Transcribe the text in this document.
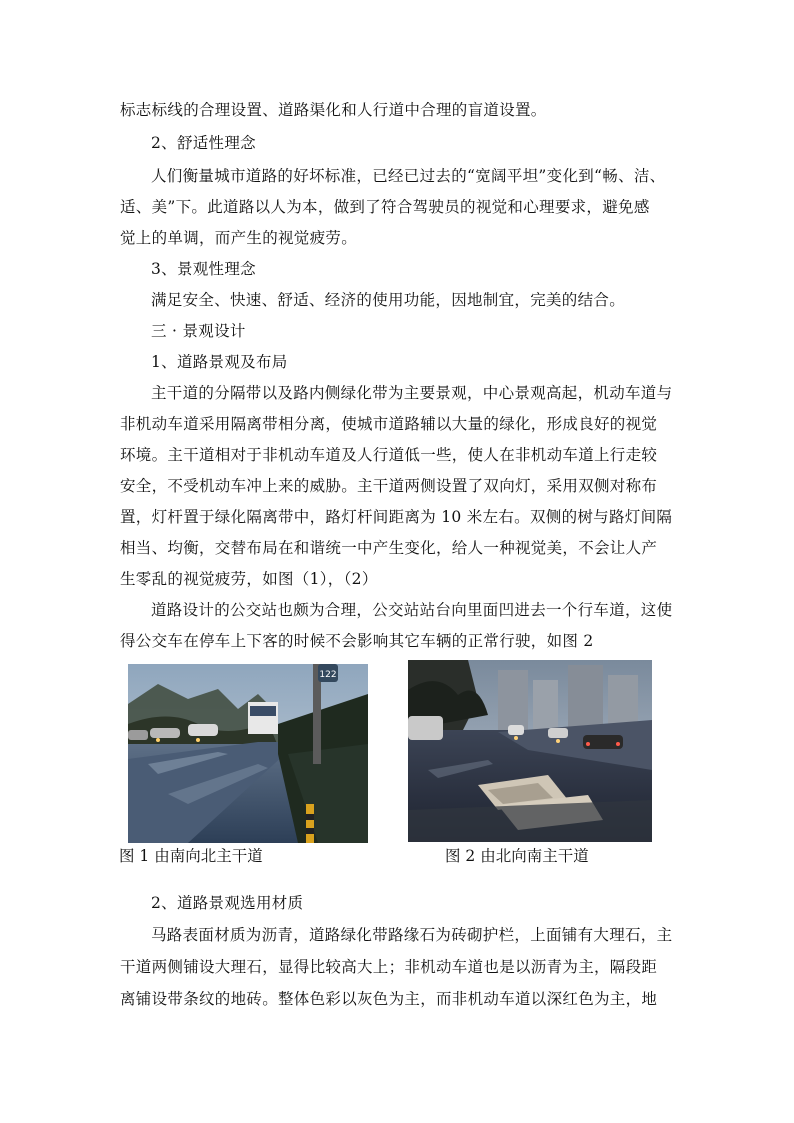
标志标线的合理设置、道路渠化和人行道中合理的盲道设置。
2、舒适性理念
人们衡量城市道路的好坏标准，已经已过去的“宽阔平坦”变化到“畅、洁、
适、美”下。此道路以人为本，做到了符合驾驶员的视觉和心理要求，避免感
觉上的单调，而产生的视觉疲劳。
3、景观性理念
满足安全、快速、舒适、经济的使用功能，因地制宜，完美的结合。
三 · 景观设计
1、道路景观及布局
主干道的分隔带以及路内侧绿化带为主要景观，中心景观高起，机动车道与
非机动车道采用隔离带相分离，使城市道路辅以大量的绿化，形成良好的视觉
环境。主干道相对于非机动车道及人行道低一些，使人在非机动车道上行走较
安全，不受机动车冲上来的威胁。主干道两侧设置了双向灯，采用双侧对称布
置，灯杆置于绿化隔离带中，路灯杆间距离为 10 米左右。双侧的树与路灯间隔
相当、均衡，交替布局在和谐统一中产生变化，给人一种视觉美，不会让人产
生零乱的视觉疲劳，如图（1），（2）
道路设计的公交站也颇为合理，公交站站台向里面凹进去一个行车道，这使
得公交车在停车上下客的时候不会影响其它车辆的正常行驶，如图 2
122
图 1 由南向北主干道	图 2 由北向南主干道
2、道路景观选用材质
马路表面材质为沥青，道路绿化带路缘石为砖砌护栏，上面铺有大理石，主
干道两侧铺设大理石，显得比较高大上；非机动车道也是以沥青为主，隔段距
离铺设带条纹的地砖。整体色彩以灰色为主，而非机动车道以深红色为主，地
